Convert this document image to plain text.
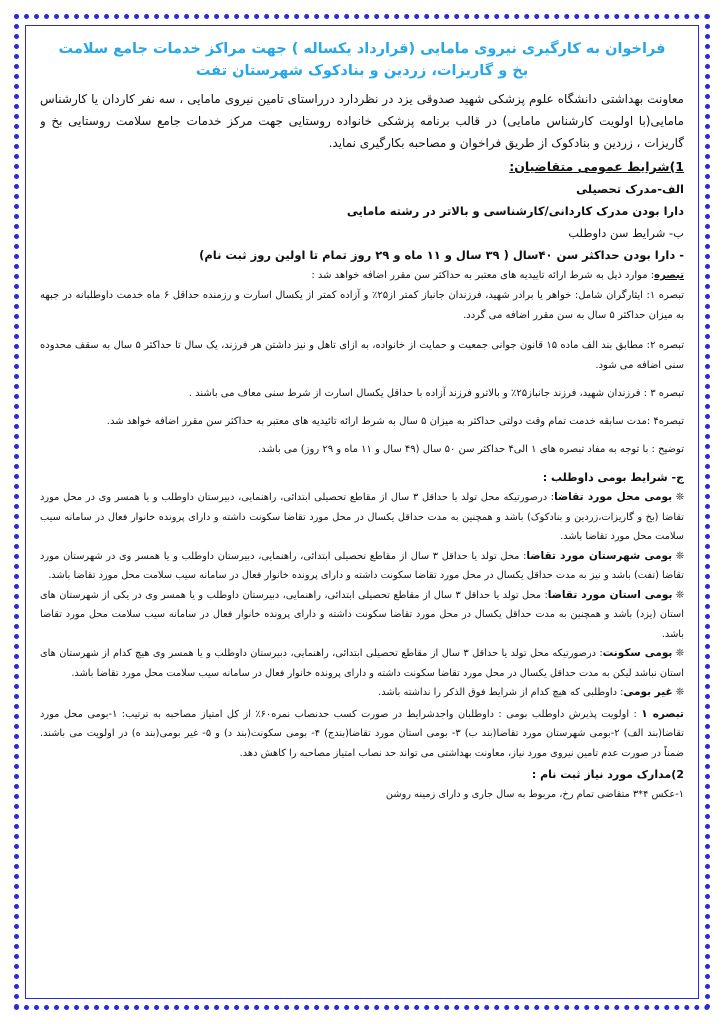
فراخوان به کارگیری نیروی مامایی (قرارداد یکساله ) جهت مراکز خدمات جامع سلامت

بخ و گاریزات، زردین و بنادکوک شهرستان تفت

معاونت بهداشتی دانشگاه علوم پزشکی شهید صدوقی یزد در نظردارد درراستای تامین نیروی مامایی ، سه نفر کاردان یا کارشناس مامایی(با اولویت کارشناس مامایی) در قالب برنامه پزشکی خانواده روستایی جهت مرکز خدمات جامع سلامت روستایی بخ و گاریزات ، زردین و بنادکوک از طریق فراخوان و مصاحبه بکارگیری نماید.

1)شرایط عمومی متقاضیان:

الف-مدرک تحصیلی

دارا بودن مدرک کاردانی/کارشناسی و بالاتر در رشته مامایی

ب- شرایط سن داوطلب

- دارا بودن حداکثر سن ۴۰سال ( ۳۹ سال و ۱۱ ماه و ۲۹ روز تمام تا اولین روز ثبت نام)

تبصره: موارد ذیل به شرط ارائه تاییدیه های معتبر به حداکثر سن مقرر اضافه خواهد شد :

تبصره ۱: ایثارگران شامل: خواهر یا برادر شهید، فرزندان جانباز کمتر از۲۵٪ و آزاده کمتر از یکسال اسارت و رزمنده حداقل ۶ ماه خدمت داوطلبانه در جبهه به میزان حداکثر ۵ سال به سن مقرر اضافه می گردد.

تبصره ۲: مطابق بند الف ماده ۱۵ قانون جوانی جمعیت و حمایت از خانواده، به ازای تاهل و نیز داشتن هر فرزند، یک سال تا حداکثر ۵ سال به سقف محدوده سنی اضافه می شود.

تبصره ۳ : فرزندان شهید، فرزند جانباز۲۵٪ و بالاترو فرزند آزاده با حداقل یکسال اسارت از شرط سنی معاف می باشند .

تبصره۴ :مدت سابقه خدمت تمام وقت دولتی حداکثر به میزان ۵ سال به شرط ارائه تائیدیه های معتبر به حداکثر سن مقرر اضافه خواهد شد.

توضیح : با توجه به مفاد تبصره های ۱ الی۴ حداکثر سن ۵۰ سال (۴۹ سال و ۱۱ ماه و ۲۹ روز) می باشد.

ج- شرایط بومی داوطلب :

❊ بومی محل مورد تقاضا: درصورتیکه محل تولد یا حداقل ۳ سال از مقاطع تحصیلی ابتدائی، راهنمایی، دبیرستان داوطلب و یا همسر وی در محل مورد تقاضا (بخ و گاریزات،زردین و بنادکوک) باشد و همچنین به مدت حداقل یکسال در محل مورد تقاضا سکونت داشته و دارای پرونده خانوار فعال در سامانه سیب سلامت محل مورد تقاضا باشد.

❊ بومی شهرستان مورد تقاضا: محل تولد یا حداقل ۳ سال از مقاطع تحصیلی ابتدائی، راهنمایی، دبیرستان داوطلب و یا همسر وی در شهرستان مورد تقاضا (تفت) باشد و نیز به مدت حداقل یکسال در محل مورد تقاضا سکونت داشته و دارای پرونده خانوار فعال در سامانه سیب سلامت محل مورد تقاضا باشد.

❊ بومی استان مورد تقاضا: محل تولد یا حداقل ۳ سال از مقاطع تحصیلی ابتدائی، راهنمایی، دبیرستان داوطلب و یا همسر وی در یکی از شهرستان های استان (یزد) باشد و همچنین به مدت حداقل یکسال در محل مورد تقاضا سکونت داشته و دارای پرونده خانوار فعال در سامانه سیب سلامت محل مورد تقاضا باشد.

❊ بومی سکونت: درصورتیکه محل تولد یا حداقل ۳ سال از مقاطع تحصیلی ابتدائی، راهنمایی، دبیرستان داوطلب و یا همسر وی هیچ کدام از شهرستان های استان نباشد لیکن به مدت حداقل یکسال در محل مورد تقاضا سکونت داشته و دارای پرونده خانوار فعال در سامانه سیب سلامت محل مورد تقاضا باشد.

❊ غیر بومی: داوطلبی که هیچ کدام از شرایط فوق الذکر را نداشته باشد.

تبصره ۱ : اولویت پذیرش داوطلب بومی : داوطلبان واجدشرایط در صورت کسب حدنصاب نمره۶۰٪ از کل امتیاز مصاحبه به ترتیب: ۱-بومی محل مورد تقاضا(بند الف) ۲-بومی شهرستان مورد تقاضا(بند ب) ۳- بومی استان مورد تقاضا(بندج) ۴- بومی سکونت(بند د) و ۵- غیر بومی(بند ه) در اولویت می باشند. ضمناً در صورت عدم تامین نیروی مورد نیاز، معاونت بهداشتی می تواند حد نصاب امتیاز مصاحبه را کاهش دهد.

2)مدارک مورد نیاز ثبت نام :

۱-عکس ۴*۳ متقاضی تمام رخ، مربوط به سال جاری و دارای زمینه روشن
